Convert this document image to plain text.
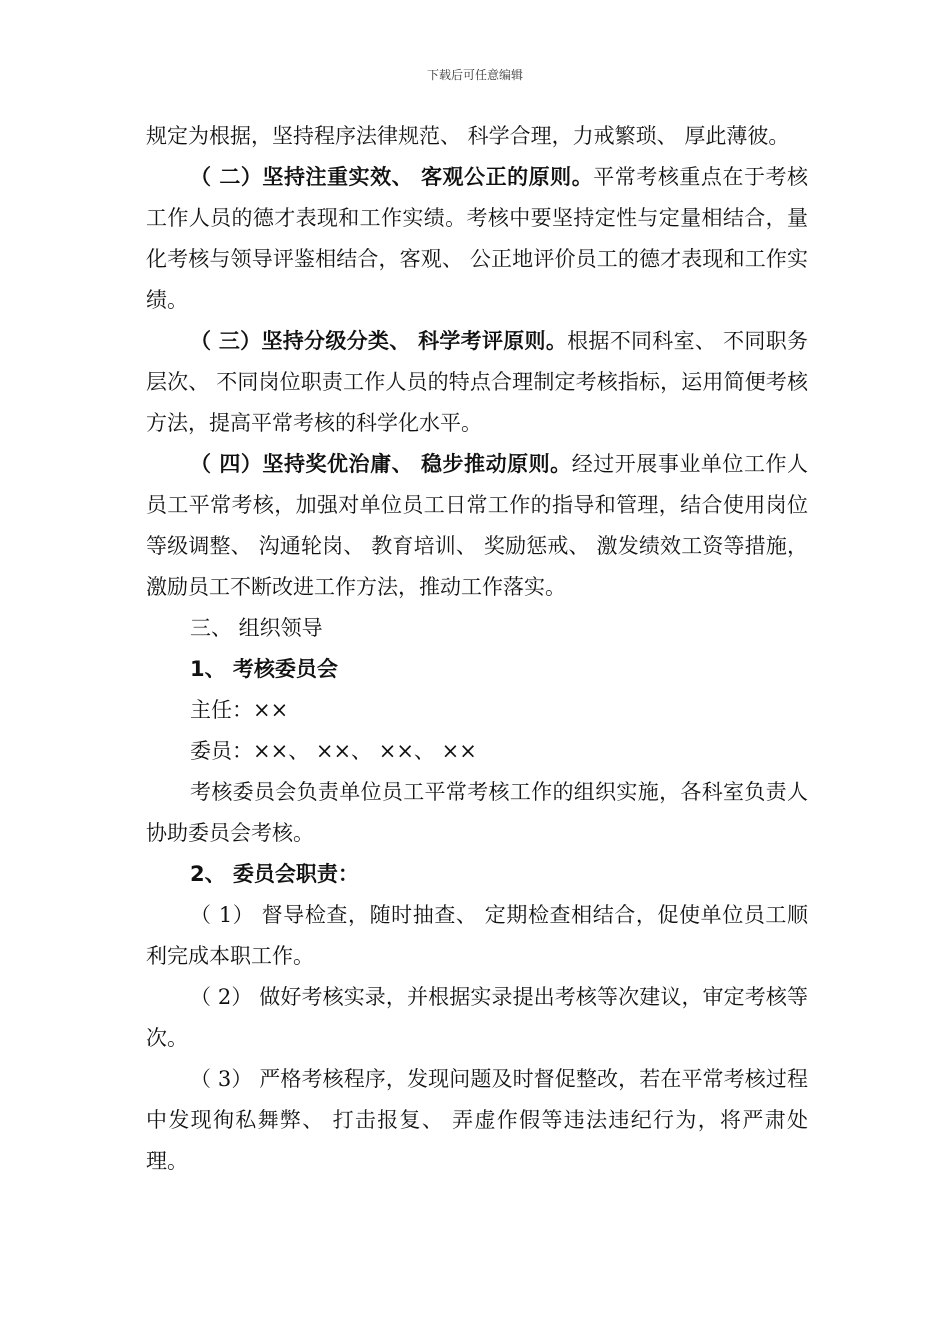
下载后可任意编辑

规定为根据，坚持程序法律规范、 科学合理，力戒繁琐、 厚此薄彼。

（ 二）坚持注重实效、 客观公正的原则。平常考核重点在于考核工作人员的德才表现和工作实绩。考核中要坚持定性与定量相结合，量化考核与领导评鉴相结合，客观、 公正地评价员工的德才表现和工作实绩。

（ 三）坚持分级分类、 科学考评原则。根据不同科室、 不同职务层次、 不同岗位职责工作人员的特点合理制定考核指标，运用简便考核方法，提高平常考核的科学化水平。

（ 四）坚持奖优治庸、 稳步推动原则。经过开展事业单位工作人员工平常考核，加强对单位员工日常工作的指导和管理，结合使用岗位等级调整、 沟通轮岗、 教育培训、 奖励惩戒、 激发绩效工资等措施，激励员工不断改进工作方法，推动工作落实。

三、 组织领导

1、 考核委员会

主任：××

委员：××、 ××、 ××、 ××

考核委员会负责单位员工平常考核工作的组织实施，各科室负责人协助委员会考核。

2、 委员会职责：

（ 1） 督导检查，随时抽查、 定期检查相结合，促使单位员工顺利完成本职工作。

（ 2） 做好考核实录，并根据实录提出考核等次建议，审定考核等次。

（ 3） 严格考核程序，发现问题及时督促整改，若在平常考核过程中发现徇私舞弊、 打击报复、 弄虚作假等违法违纪行为，将严肃处理。
